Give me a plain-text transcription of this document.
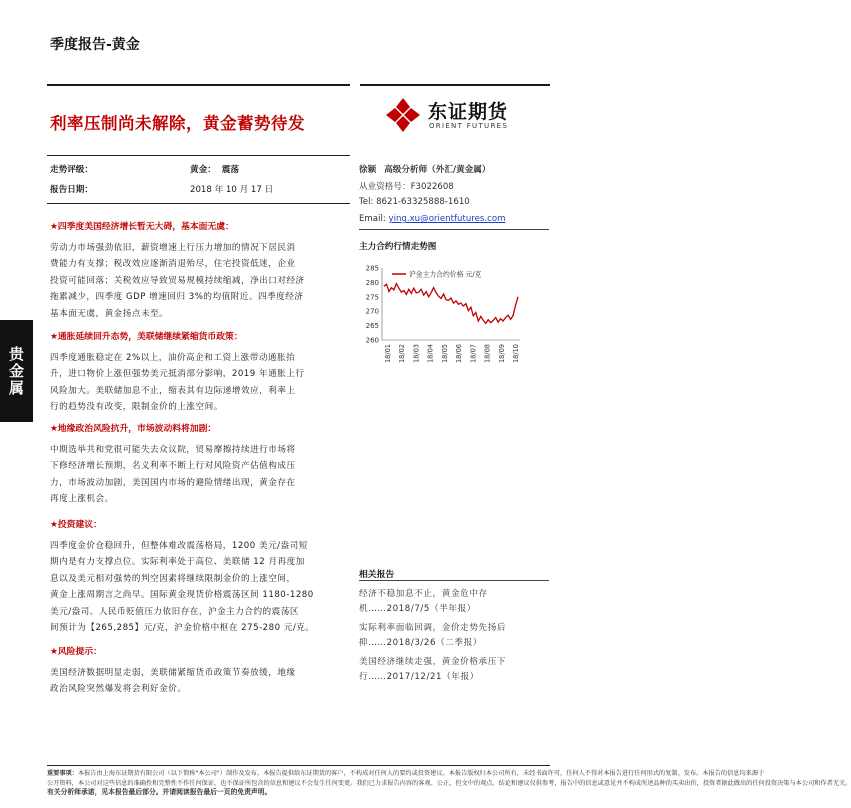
季度报告-黄金
利率压制尚未解除，黄金蓄势待发
东证期货
ORIENT FUTURES
走势评级：	黄金： 震荡
报告日期：	2018 年 10 月 17 日
徐颖 高级分析师（外汇/黄金属）
从业资格号：F3022608
Tel: 8621-63325888-1610
Email: ying.xu@orientfutures.com
贵金属
★四季度美国经济增长暂无大碍，基本面无虞：
劳动力市场强劲依旧，薪资增速上行压力增加的情况下居民消
费能力有支撑；税改效应逐渐消退殆尽，住宅投资低迷，企业
投资可能回落；关税效应导致贸易规模持续缩减，净出口对经济
拖累减少，四季度 GDP 增速回归 3%的均值附近。四季度经济
基本面无虞，黄金扬点未至。
★通胀延续回升态势，美联储继续紧缩货币政策：
四季度通胀稳定在 2%以上，油价高企和工资上涨带动通胀抬
升，进口物价上涨但强势美元抵消部分影响，2019 年通胀上行
风险加大。美联储加息不止，缩表其有边际递增效应，利率上
行的趋势没有改变，限制金价的上涨空间。
★地缘政治风险抗升，市场波动料将加剧：
中期选举共和党很可能失去众议院，贸易摩擦持续进行市场将
下修经济增长预期，名义利率不断上行对风险资产估值构成压
力，市场波动加剧，美国国内市场的避险情绪出现，黄金存在
再度上涨机会。
★投资建议：
四季度金价仓稳回升，但整体难改震荡格局，1200 美元/盎司短
期内是有力支撑点位。实际利率处于高位、美联储 12 月再度加
息以及美元相对强势的判空因素将继续限制金价的上涨空间，
黄金上涨周期言之尚早。国际黄金现货价格震荡区间 1180-1280
美元/盎司。人民币贬值压力依旧存在，沪金主力合约的震荡区
间预计为【265,285】元/克，沪金价格中枢在 275-280 元/克。
★风险提示：
美国经济数据明显走弱，美联储紧缩货币政策节奏放缓，地缘
政治风险突然爆发将会利好金价。
主力合约行情走势图
285
280
275
270
265
260
18/01 18/02 18/03 18/04 18/05 18/06 18/07 18/08 18/09 18/10
沪金主力合约价格 元/克
相关报告
经济不稳加息不止，黄金危中存
机……2018/7/5（半年报）
实际利率面临回调，金价走势先扬后
抑……2018/3/26（二季报）
美国经济继续走强，黄金价格承压下
行……2017/12/21（年报）
重要事项：本报告由上海东证期货有限公司（以下简称"本公司"）制作及发布。本报告提供给东证期货的客户，不构成对任何人的要约或投资建议。本报告版权归本公司所有，未经书面许可，任何人不得对本报告进行任何形式的复制、发布。本报告的信息均来源于
公开资料，本公司对这些信息的准确性和完整性不作任何保证，也不保证所包含的信息和建议不会发生任何变更。我们已力求报告内容的客观、公正，但文中的观点、结论和建议仅供参考，报告中的信息或意见并不构成所述品种的买卖出价，投资者据此做出的任何投资决策与本公司和作者无关。
有关分析师承诺，见本报告最后部分。并请阅读报告最后一页的免责声明。
